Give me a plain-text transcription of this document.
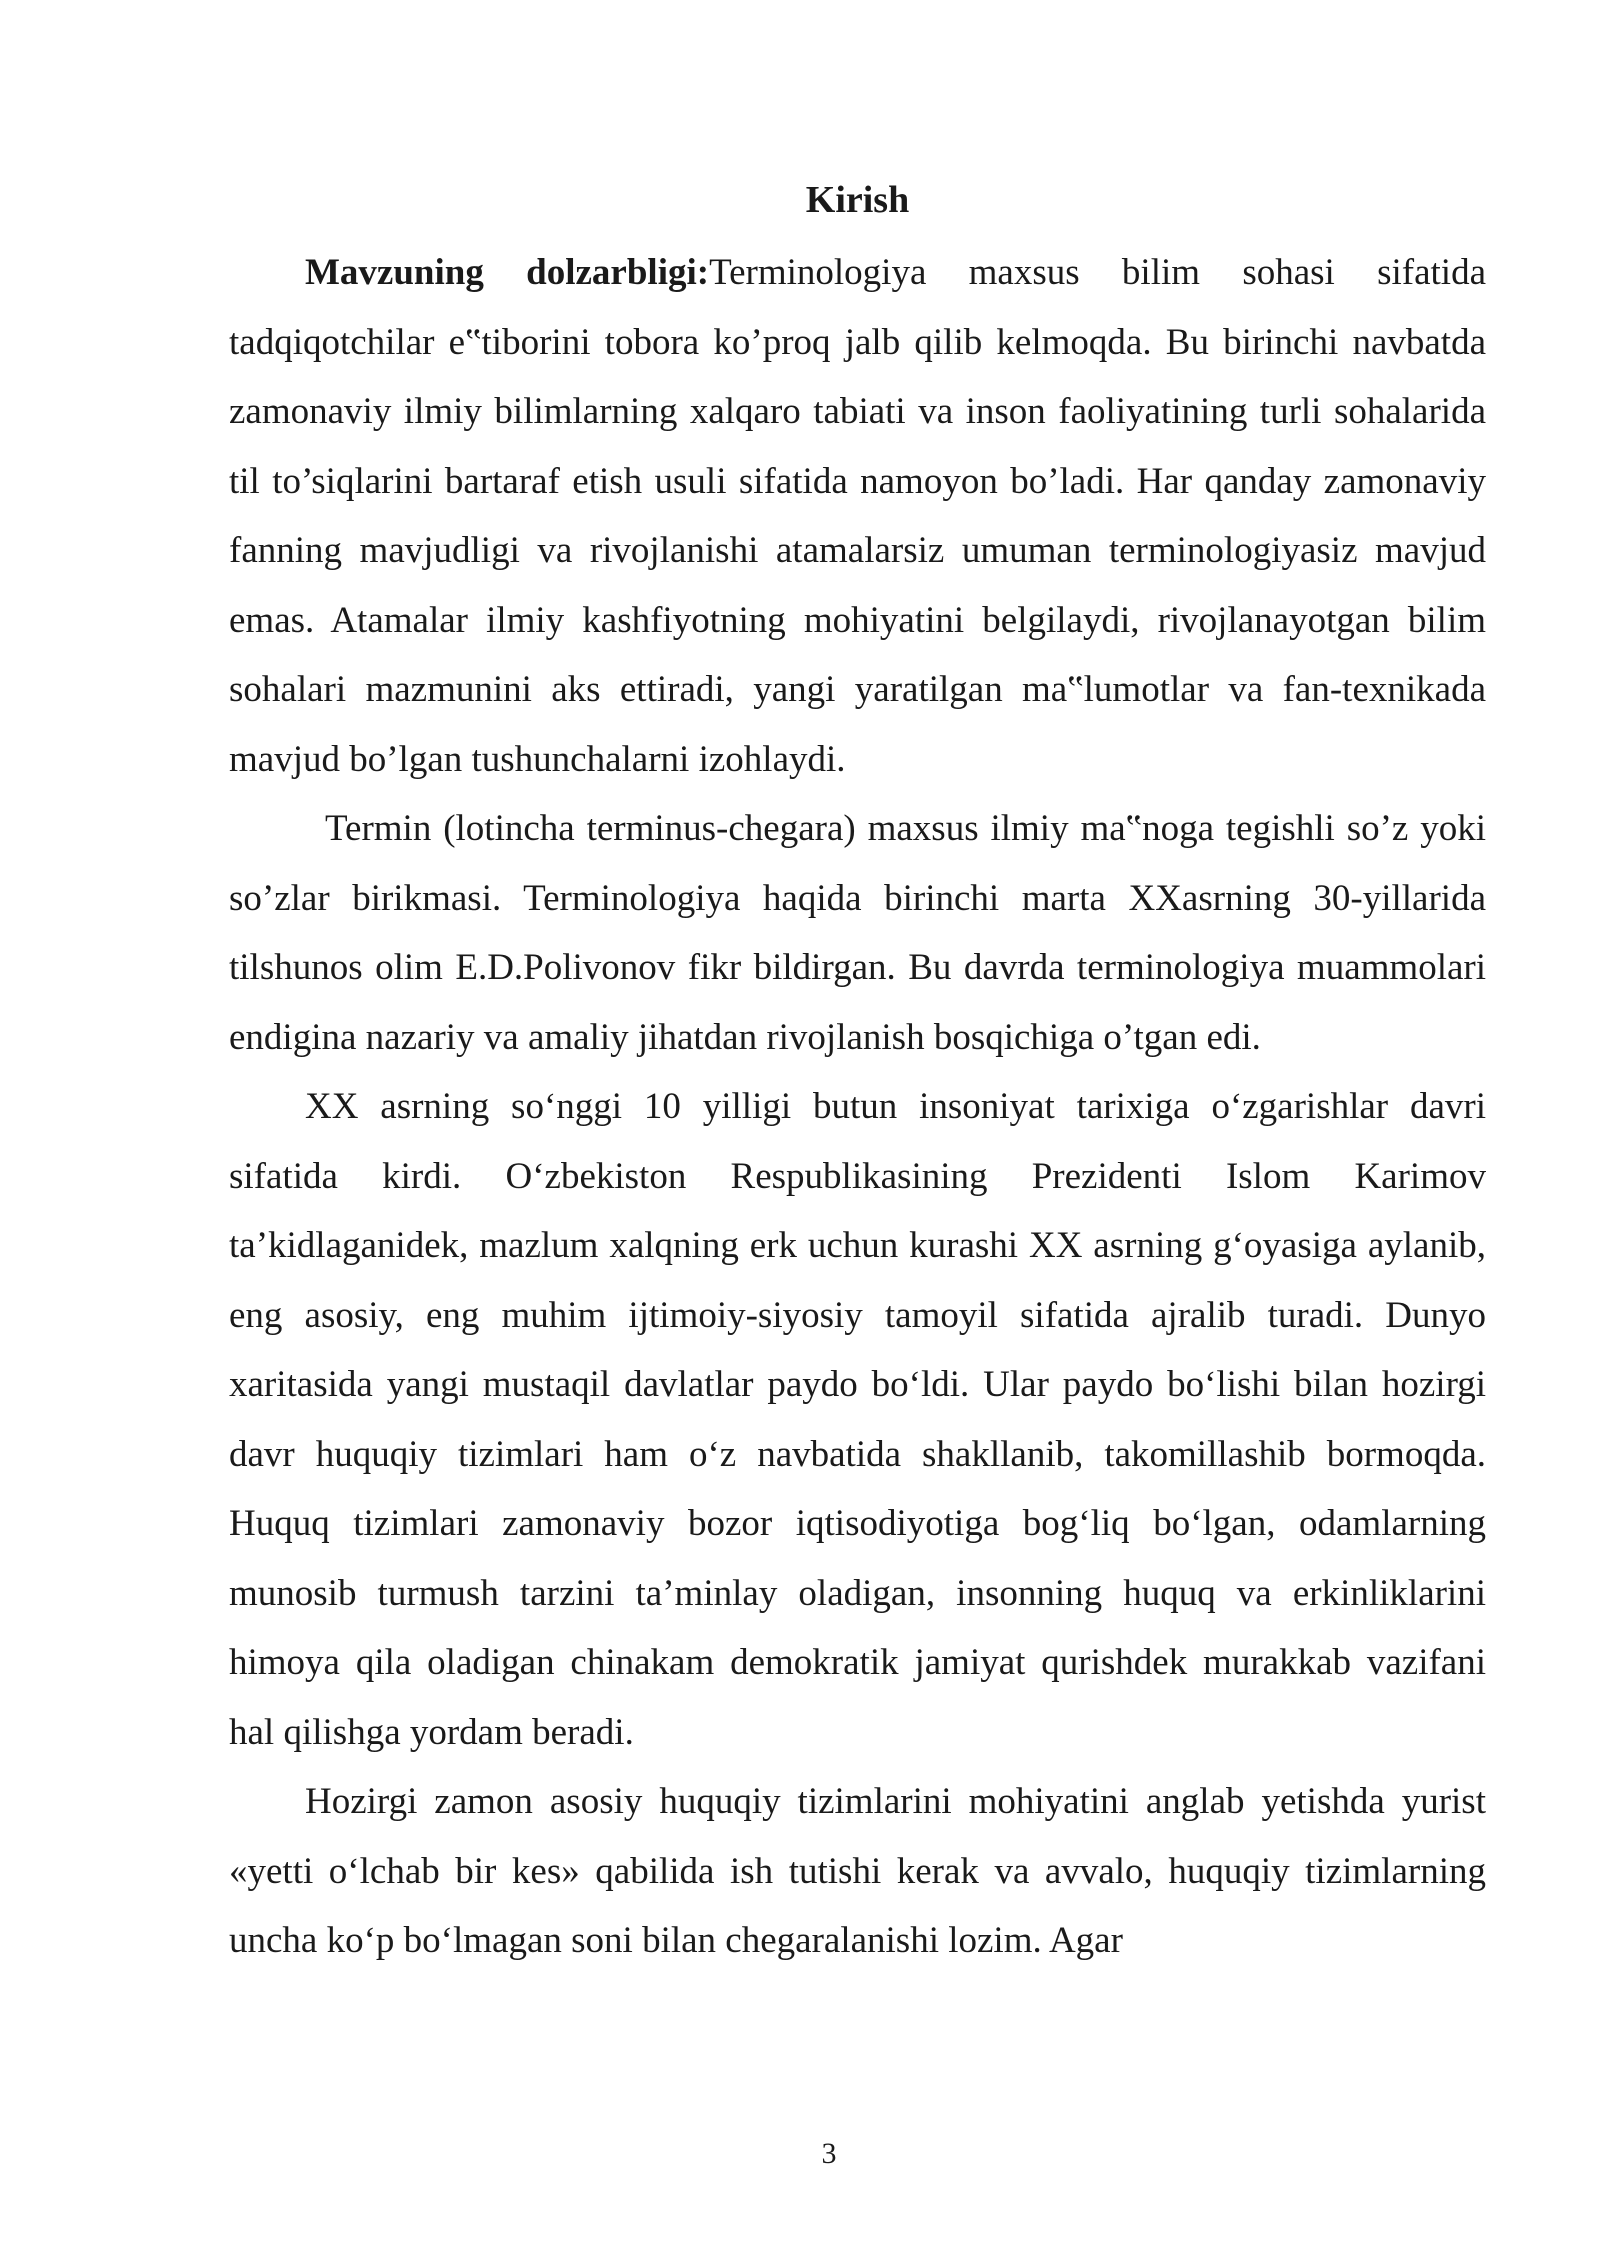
Kirish

Mavzuning dolzarbligi:Terminologiya maxsus bilim sohasi sifatida tadqiqotchilar e‟tiborini tobora ko’proq jalb qilib kelmoqda. Bu birinchi navbatda zamonaviy ilmiy bilimlarning xalqaro tabiati va inson faoliyatining turli sohalarida til to’siqlarini bartaraf etish usuli sifatida namoyon bo’ladi. Har qanday zamonaviy fanning mavjudligi va rivojlanishi atamalarsiz umuman terminologiyasiz mavjud emas. Atamalar ilmiy kashfiyotning mohiyatini belgilaydi, rivojlanayotgan bilim sohalari mazmunini aks ettiradi, yangi yaratilgan ma‟lumotlar va fan-texnikada mavjud bo’lgan tushunchalarni izohlaydi.

Termin (lotincha terminus-chegara) maxsus ilmiy ma‟noga tegishli so’z yoki so’zlar birikmasi. Terminologiya haqida birinchi marta XXasrning 30-yillarida tilshunos olim E.D.Polivonov fikr bildirgan. Bu davrda terminologiya muammolari endigina nazariy va amaliy jihatdan rivojlanish bosqichiga o’tgan edi.

XX asrning so‘nggi 10 yilligi butun insoniyat tarixiga o‘zgarishlar davri sifatida kirdi. O‘zbekiston Respublikasining Prezidenti Islom Karimov ta’kidlaganidek, mazlum xalqning erk uchun kurashi XX asrning g‘oyasiga aylanib, eng asosiy, eng muhim ijtimoiy-siyosiy tamoyil sifatida ajralib turadi. Dunyo xaritasida yangi mustaqil davlatlar paydo bo‘ldi. Ular paydo bo‘lishi bilan hozirgi davr huquqiy tizimlari ham o‘z navbatida shakllanib, takomillashib bormoqda. Huquq tizimlari zamonaviy bozor iqtisodiyotiga bog‘liq bo‘lgan, odamlarning munosib turmush tarzini ta’minlay oladigan, insonning huquq va erkinliklarini himoya qila oladigan chinakam demokratik jamiyat qurishdek murakkab vazifani hal qilishga yordam beradi.

Hozirgi zamon asosiy huquqiy tizimlarini mohiyatini anglab yetishda yurist «yetti o‘lchab bir kes» qabilida ish tutishi kerak va avvalo, huquqiy tizimlarning uncha ko‘p bo‘lmagan soni bilan chegaralanishi lozim. Agar

3
